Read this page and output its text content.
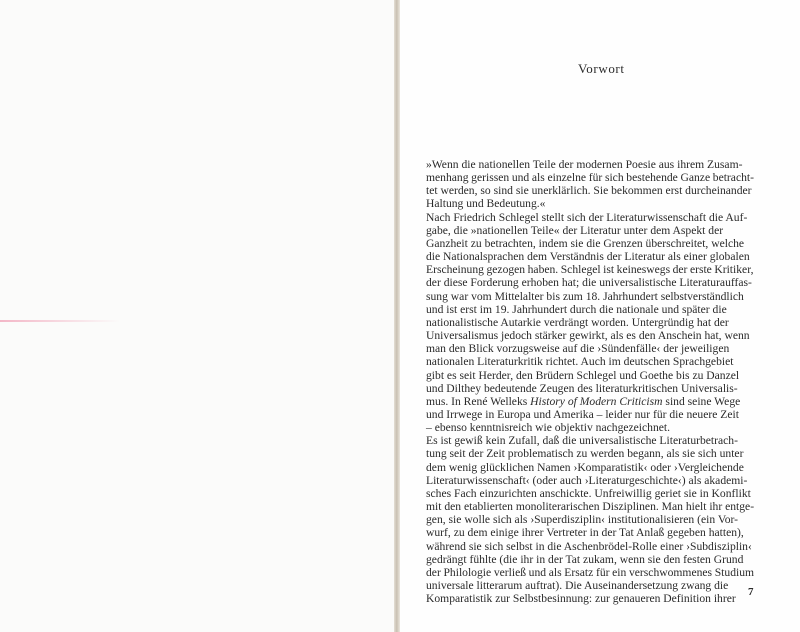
Vorwort
»Wenn die nationellen Teile der modernen Poesie aus ihrem Zusam-
menhang gerissen und als einzelne für sich bestehende Ganze betracht-
tet werden, so sind sie unerklärlich. Sie bekommen erst durcheinander
Haltung und Bedeutung.«
Nach Friedrich Schlegel stellt sich der Literaturwissenschaft die Auf-
gabe, die »nationellen Teile« der Literatur unter dem Aspekt der
Ganzheit zu betrachten, indem sie die Grenzen überschreitet, welche
die Nationalsprachen dem Verständnis der Literatur als einer globalen
Erscheinung gezogen haben. Schlegel ist keineswegs der erste Kritiker,
der diese Forderung erhoben hat; die universalistische Literaturauffas-
sung war vom Mittelalter bis zum 18. Jahrhundert selbstverständlich
und ist erst im 19. Jahrhundert durch die nationale und später die
nationalistische Autarkie verdrängt worden. Untergründig hat der
Universalismus jedoch stärker gewirkt, als es den Anschein hat, wenn
man den Blick vorzugsweise auf die ›Sündenfälle‹ der jeweiligen
nationalen Literaturkritik richtet. Auch im deutschen Sprachgebiet
gibt es seit Herder, den Brüdern Schlegel und Goethe bis zu Danzel
und Dilthey bedeutende Zeugen des literaturkritischen Universalis-
mus. In René Welleks History of Modern Criticism sind seine Wege
und Irrwege in Europa und Amerika – leider nur für die neuere Zeit
– ebenso kenntnisreich wie objektiv nachgezeichnet.
Es ist gewiß kein Zufall, daß die universalistische Literaturbetrach-
tung seit der Zeit problematisch zu werden begann, als sie sich unter
dem wenig glücklichen Namen ›Komparatistik‹ oder ›Vergleichende
Literaturwissenschaft‹ (oder auch ›Literaturgeschichte‹) als akademi-
sches Fach einzurichten anschickte. Unfreiwillig geriet sie in Konflikt
mit den etablierten monoliterarischen Disziplinen. Man hielt ihr entge-
gen, sie wolle sich als ›Superdisziplin‹ institutionalisieren (ein Vor-
wurf, zu dem einige ihrer Vertreter in der Tat Anlaß gegeben hatten),
während sie sich selbst in die Aschenbrödel-Rolle einer ›Subdisziplin‹
gedrängt fühlte (die ihr in der Tat zukam, wenn sie den festen Grund
der Philologie verließ und als Ersatz für ein verschwommenes Studium
universale litterarum auftrat). Die Auseinandersetzung zwang die
Komparatistik zur Selbstbesinnung: zur genaueren Definition ihrer
7
